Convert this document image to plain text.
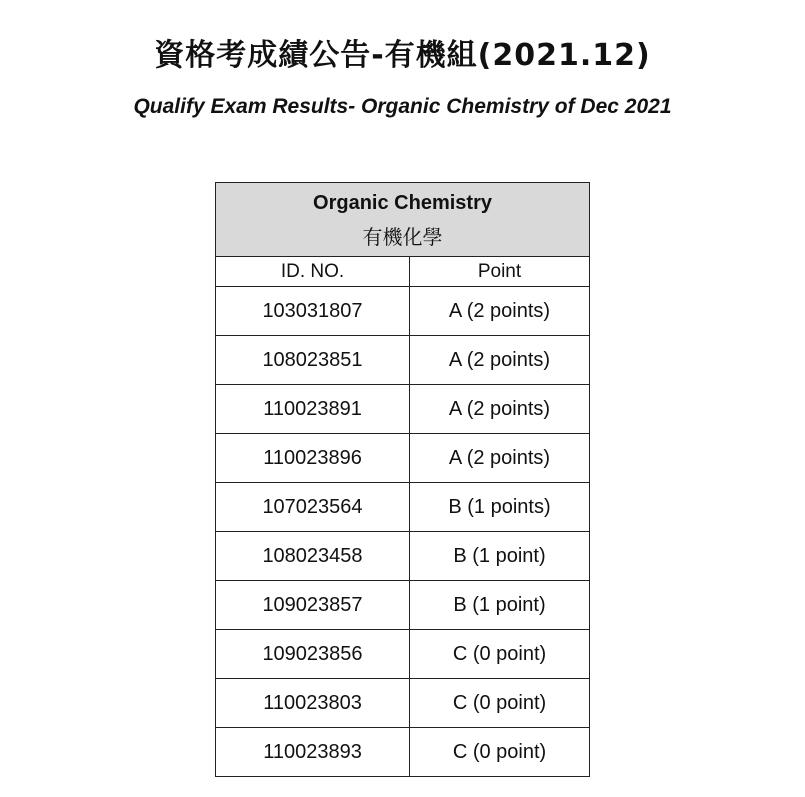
資格考成績公告-有機組(2021.12)
Qualify Exam Results- Organic Chemistry of Dec 2021
Organic Chemistry
有機化學	

ID. NO.	Point
103031807	A (2 points)
108023851	A (2 points)
110023891	A (2 points)
110023896	A (2 points)
107023564	B (1 points)
108023458	B (1 point)
109023857	B (1 point)
109023856	C (0 point)
110023803	C (0 point)
110023893	C (0 point)
